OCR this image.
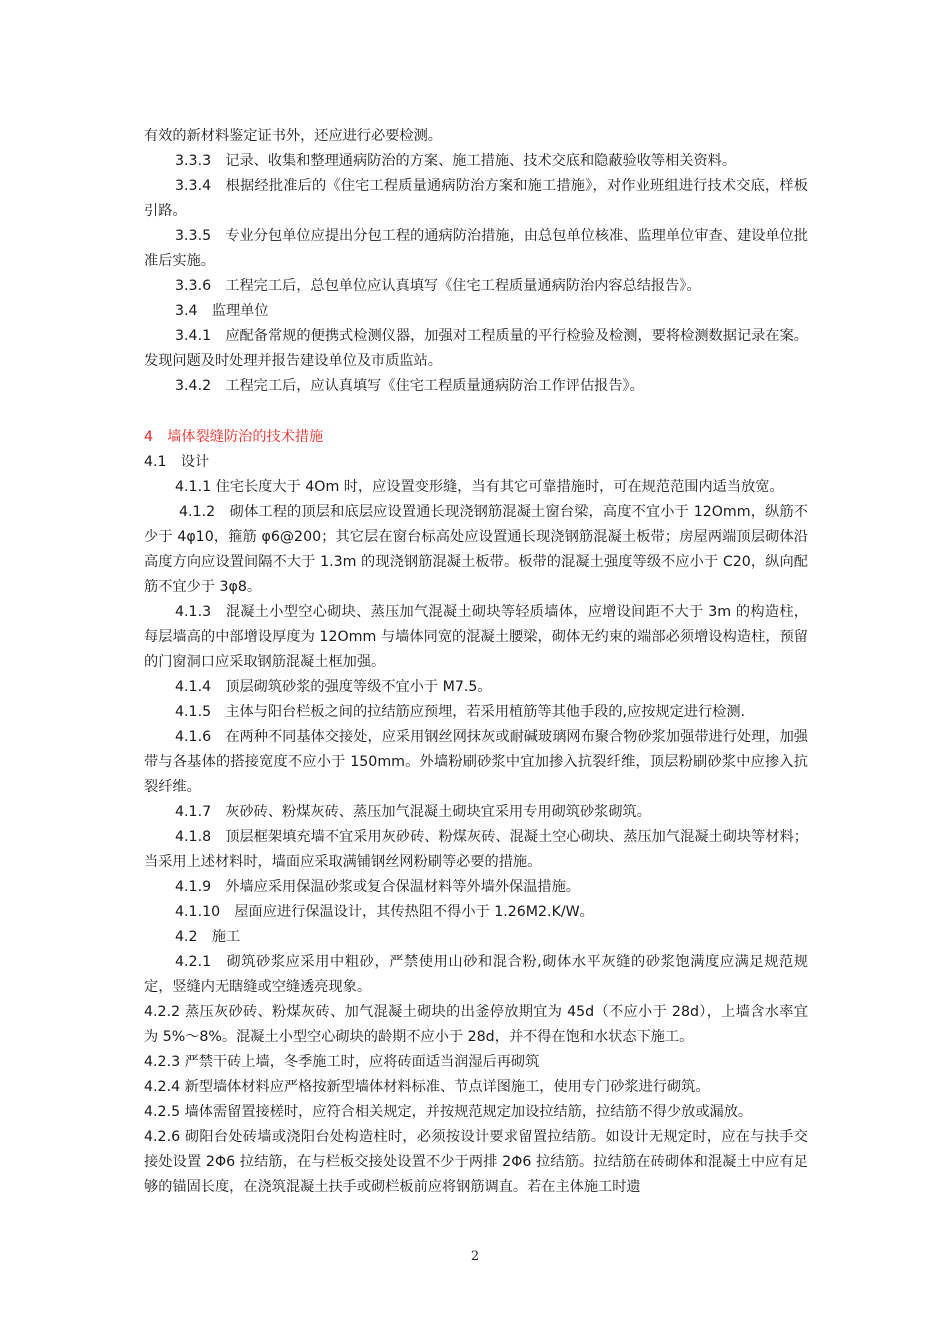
有效的新材料鉴定证书外，还应进行必要检测。

3.3.3　记录、收集和整理通病防治的方案、施工措施、技术交底和隐蔽验收等相关资料。

3.3.4　根据经批准后的《住宅工程质量通病防治方案和施工措施》，对作业班组进行技术交底，样板引路。

3.3.5　专业分包单位应提出分包工程的通病防治措施，由总包单位核准、监理单位审查、建设单位批准后实施。

3.3.6　工程完工后，总包单位应认真填写《住宅工程质量通病防治内容总结报告》。

3.4　监理单位

3.4.1　应配备常规的便携式检测仪器，加强对工程质量的平行检验及检测，要将检测数据记录在案。发现问题及时处理并报告建设单位及市质监站。

3.4.2　工程完工后，应认真填写《住宅工程质量通病防治工作评估报告》。

4　墙体裂缝防治的技术措施

4.1　设计

4.1.1 住宅长度大于 4Om 时，应设置变形缝，当有其它可靠措施时，可在规范范围内适当放宽。

4.1.2　砌体工程的顶层和底层应设置通长现浇钢筋混凝土窗台梁，高度不宜小于 12Omm，纵筋不少于 4φ10，箍筋 φ6@200；其它层在窗台标高处应设置通长现浇钢筋混凝土板带；房屋两端顶层砌体沿高度方向应设置间隔不大于 1.3m 的现浇钢筋混凝土板带。板带的混凝土强度等级不应小于 C20，纵向配筋不宜少于 3φ8。

4.1.3　混凝土小型空心砌块、蒸压加气混凝土砌块等轻质墙体，应增设间距不大于 3m 的构造柱，每层墙高的中部增设厚度为 12Omm 与墙体同宽的混凝土腰梁，砌体无约束的端部必须增设构造柱，预留的门窗洞口应采取钢筋混凝土框加强。

4.1.4　顶层砌筑砂浆的强度等级不宜小于 M7.5。

4.1.5　主体与阳台栏板之间的拉结筋应预埋，若采用植筋等其他手段的,应按规定进行检测.

4.1.6　在两种不同基体交接处，应采用钢丝网抹灰或耐碱玻璃网布聚合物砂浆加强带进行处理，加强带与各基体的搭接宽度不应小于 150mm。外墙粉刷砂浆中宜加掺入抗裂纤维，顶层粉刷砂浆中应掺入抗裂纤维。

4.1.7　灰砂砖、粉煤灰砖、蒸压加气混凝土砌块宜采用专用砌筑砂浆砌筑。

4.1.8　顶层框架填充墙不宜采用灰砂砖、粉煤灰砖、混凝土空心砌块、蒸压加气混凝土砌块等材料；当采用上述材料时，墙面应采取满铺钢丝网粉刷等必要的措施。

4.1.9　外墙应采用保温砂浆或复合保温材料等外墙外保温措施。

4.1.10　屋面应进行保温设计，其传热阻不得小于 1.26M2.K/W。

4.2　施工

4.2.1　砌筑砂浆应采用中粗砂，严禁使用山砂和混合粉,砌体水平灰缝的砂浆饱满度应满足规范规定，竖缝内无瞎缝或空缝透亮现象。

4.2.2 蒸压灰砂砖、粉煤灰砖、加气混凝土砌块的出釜停放期宜为 45d（不应小于 28d），上墙含水率宜为 5%～8%。混凝土小型空心砌块的龄期不应小于 28d，并不得在饱和水状态下施工。

4.2.3 严禁干砖上墙，冬季施工时，应将砖面适当润湿后再砌筑

4.2.4 新型墙体材料应严格按新型墙体材料标准、节点详图施工，使用专门砂浆进行砌筑。

4.2.5 墙体需留置接槎时，应符合相关规定，并按规范规定加设拉结筋，拉结筋不得少放或漏放。

4.2.6 砌阳台处砖墙或浇阳台处构造柱时，必须按设计要求留置拉结筋。如设计无规定时，应在与扶手交接处设置 2Φ6 拉结筋，在与栏板交接处设置不少于两排 2Φ6 拉结筋。拉结筋在砖砌体和混凝土中应有足够的锚固长度，在浇筑混凝土扶手或砌栏板前应将钢筋调直。若在主体施工时遗

2
